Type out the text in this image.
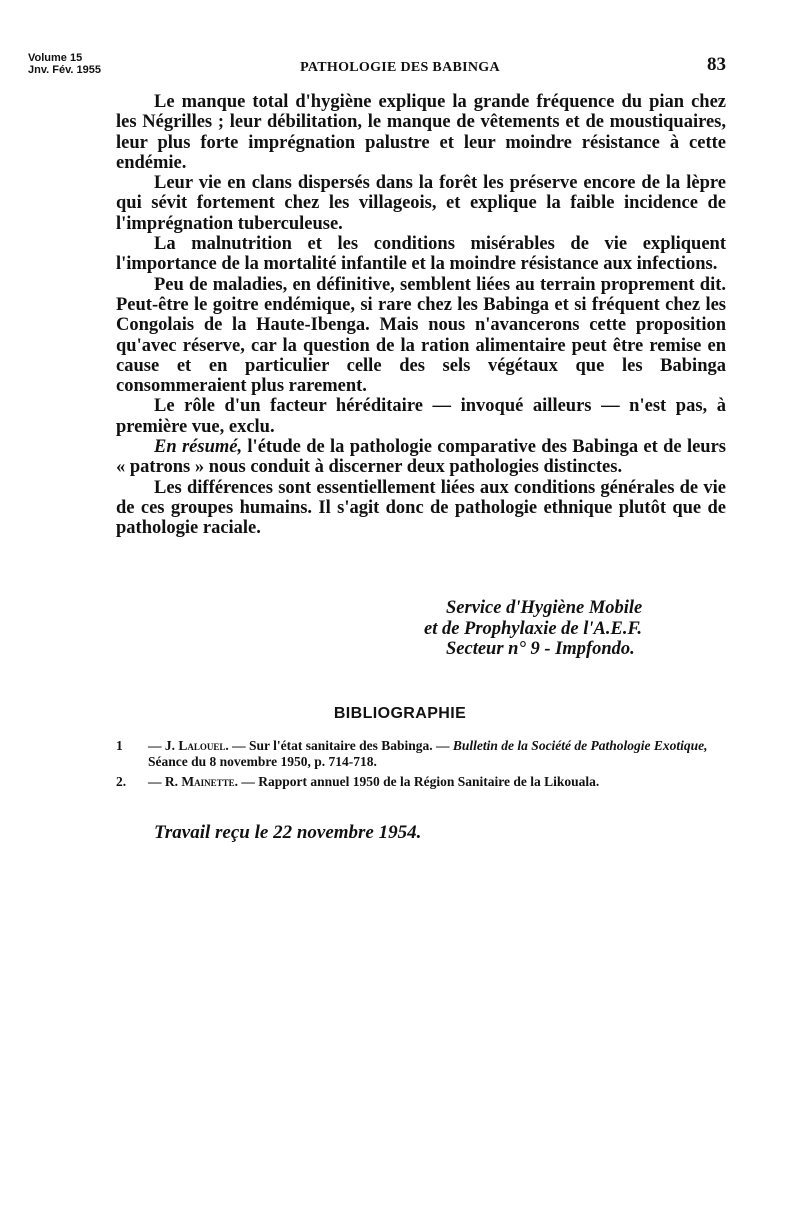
Volume 15
Jnv. Fév. 1955	PATHOLOGIE DES BABINGA	83

Le manque total d'hygiène explique la grande fréquence du pian chez les Négrilles ; leur débilitation, le manque de vêtements et de moustiquaires, leur plus forte imprégnation palustre et leur moindre résistance à cette endémie.

Leur vie en clans dispersés dans la forêt les préserve encore de la lèpre qui sévit fortement chez les villageois, et explique la faible incidence de l'imprégnation tuberculeuse.

La malnutrition et les conditions misérables de vie expliquent l'importance de la mortalité infantile et la moindre résistance aux infections.

Peu de maladies, en définitive, semblent liées au terrain proprement dit. Peut-être le goitre endémique, si rare chez les Babinga et si fréquent chez les Congolais de la Haute-Ibenga. Mais nous n'avancerons cette proposition qu'avec réserve, car la question de la ration alimentaire peut être remise en cause et en particulier celle des sels végétaux que les Babinga consommeraient plus rarement.

Le rôle d'un facteur héréditaire — invoqué ailleurs — n'est pas, à première vue, exclu.

En résumé, l'étude de la pathologie comparative des Babinga et de leurs « patrons » nous conduit à discerner deux pathologies distinctes.

Les différences sont essentiellement liées aux conditions générales de vie de ces groupes humains. Il s'agit donc de pathologie ethnique plutôt que de pathologie raciale.

Service d'Hygiène Mobile
et de Prophylaxie de l'A.E.F.
Secteur n° 9 - Impfondo.
BIBLIOGRAPHIE
1 — J. Lalouel. — Sur l'état sanitaire des Babinga. — Bulletin de la Société de Pathologie Exotique, Séance du 8 novembre 1950, p. 714-718.
2. — R. Mainette. — Rapport annuel 1950 de la Région Sanitaire de la Likouala.
Travail reçu le 22 novembre 1954.
